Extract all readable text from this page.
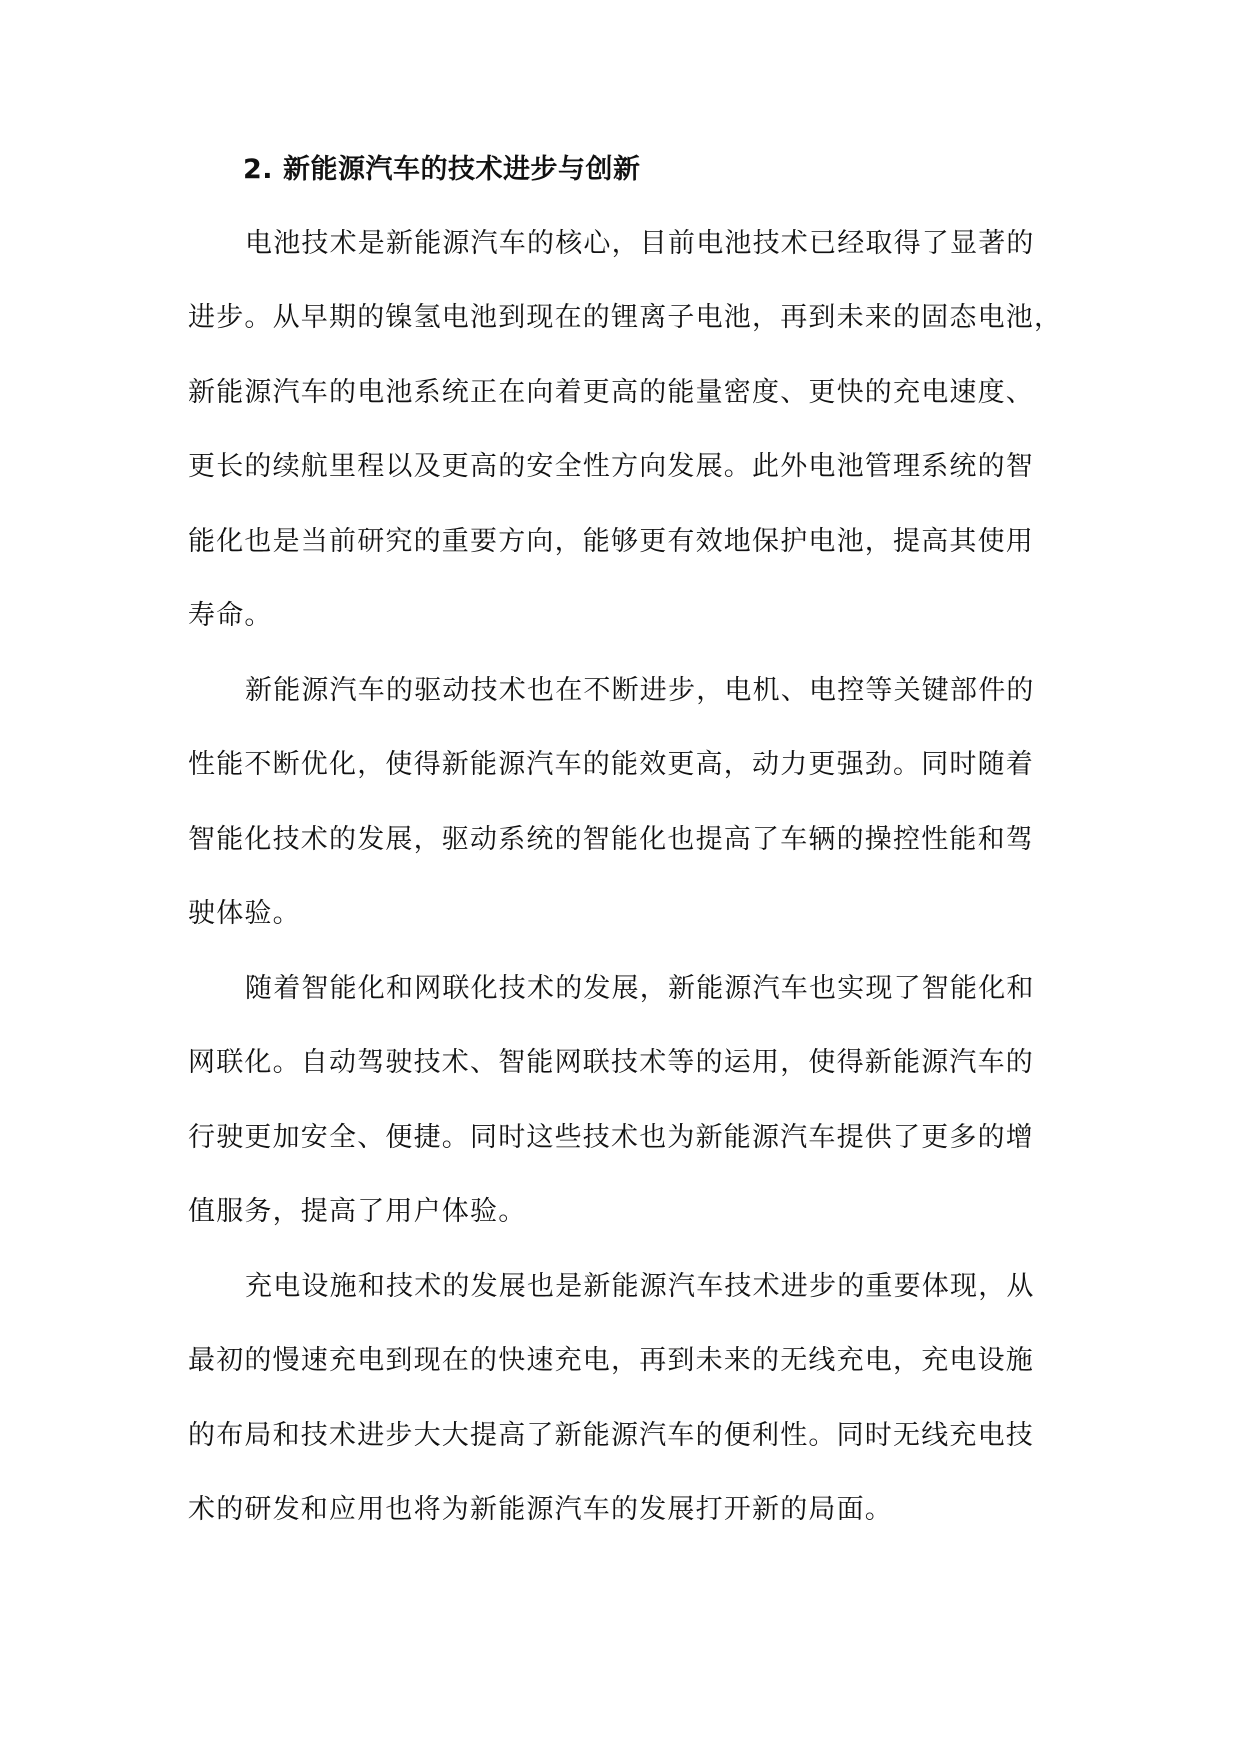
2. 新能源汽车的技术进步与创新

电池技术是新能源汽车的核心，目前电池技术已经取得了显著的

进步。从早期的镍氢电池到现在的锂离子电池，再到未来的固态电池，

新能源汽车的电池系统正在向着更高的能量密度、更快的充电速度、

更长的续航里程以及更高的安全性方向发展。此外电池管理系统的智

能化也是当前研究的重要方向，能够更有效地保护电池，提高其使用

寿命。

新能源汽车的驱动技术也在不断进步，电机、电控等关键部件的

性能不断优化，使得新能源汽车的能效更高，动力更强劲。同时随着

智能化技术的发展，驱动系统的智能化也提高了车辆的操控性能和驾

驶体验。

随着智能化和网联化技术的发展，新能源汽车也实现了智能化和

网联化。自动驾驶技术、智能网联技术等的运用，使得新能源汽车的

行驶更加安全、便捷。同时这些技术也为新能源汽车提供了更多的增

值服务，提高了用户体验。

充电设施和技术的发展也是新能源汽车技术进步的重要体现，从

最初的慢速充电到现在的快速充电，再到未来的无线充电，充电设施

的布局和技术进步大大提高了新能源汽车的便利性。同时无线充电技

术的研发和应用也将为新能源汽车的发展打开新的局面。
